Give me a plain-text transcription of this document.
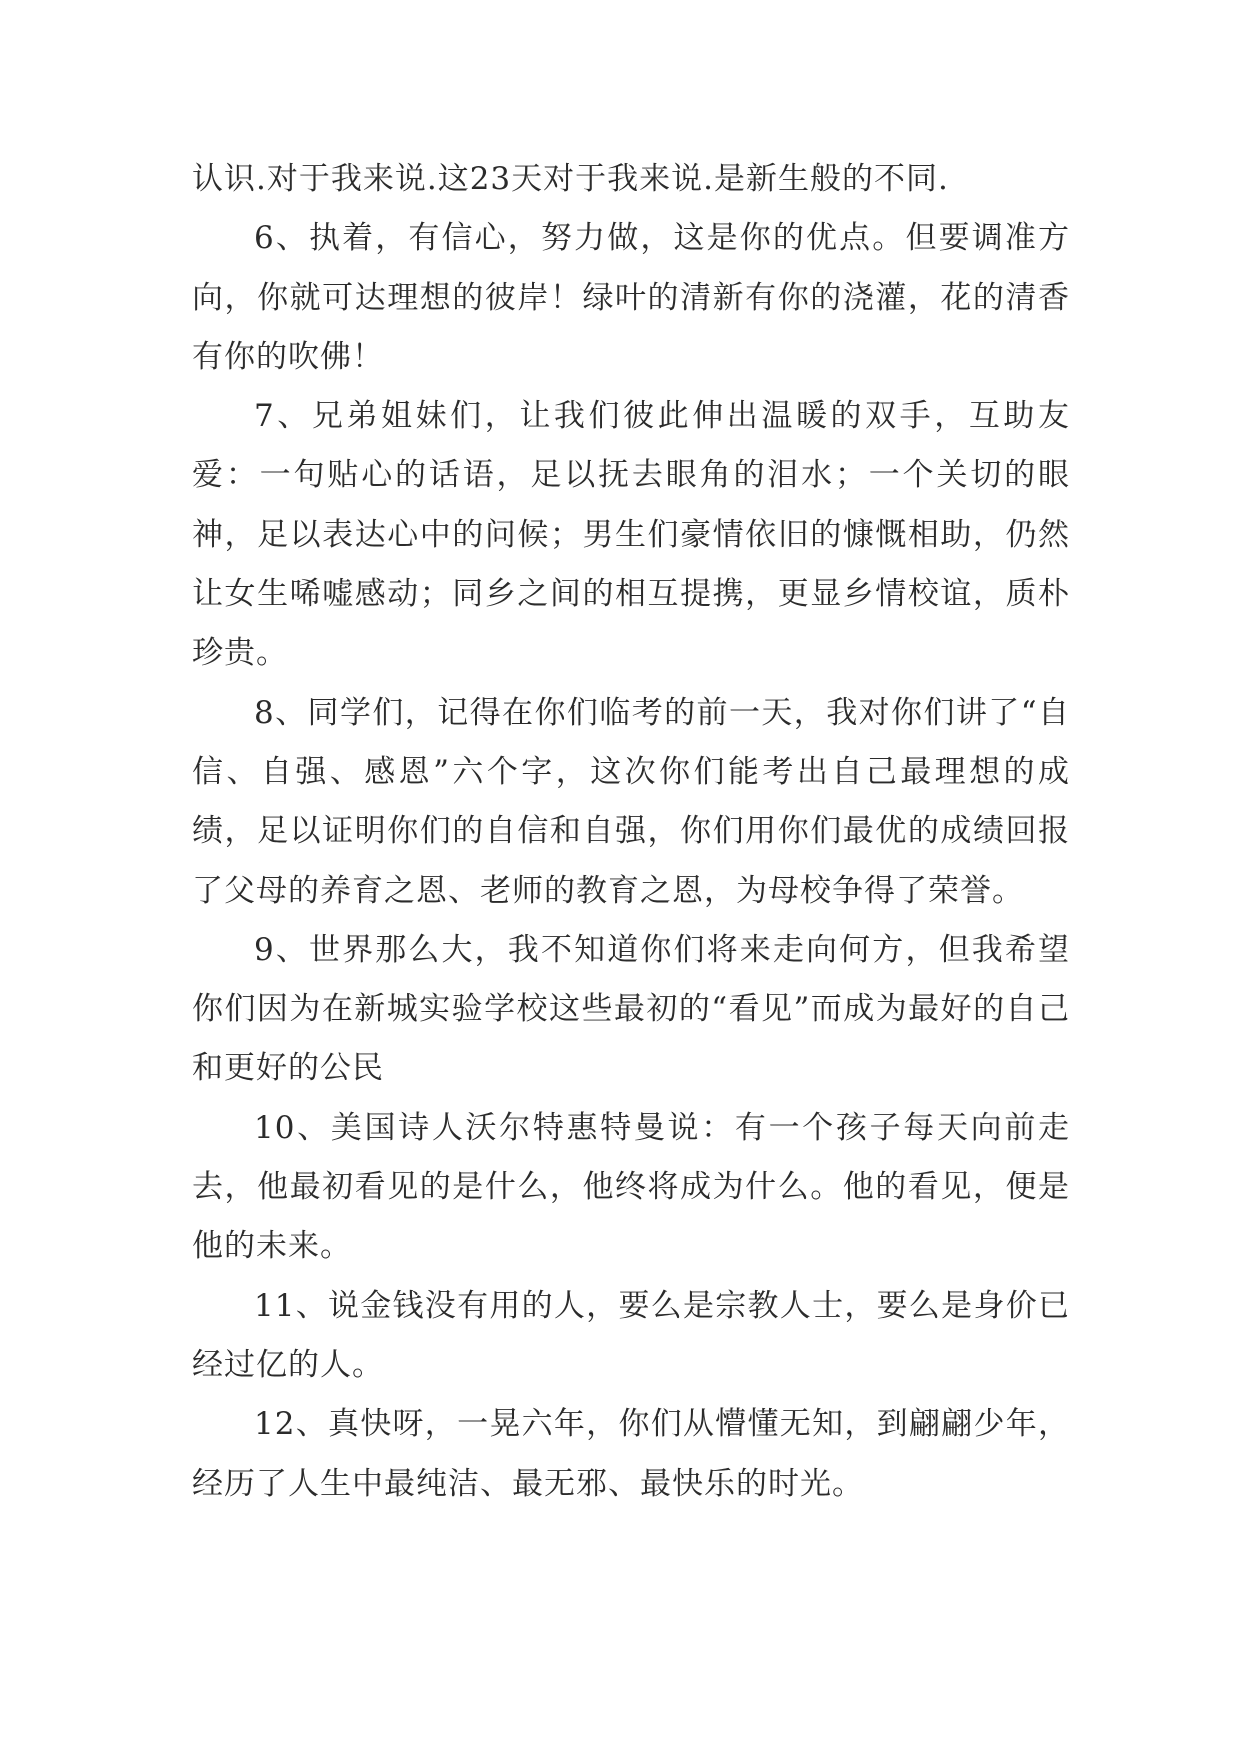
认识.对于我来说.这23天对于我来说.是新生般的不同.

6、执着，有信心，努力做，这是你的优点。但要调准方向，你就可达理想的彼岸！绿叶的清新有你的浇灌，花的清香有你的吹佛！

7、兄弟姐妹们，让我们彼此伸出温暖的双手，互助友爱：一句贴心的话语，足以抚去眼角的泪水；一个关切的眼神，足以表达心中的问候；男生们豪情依旧的慷慨相助，仍然让女生唏嘘感动；同乡之间的相互提携，更显乡情校谊，质朴珍贵。

8、同学们，记得在你们临考的前一天，我对你们讲了“自信、自强、感恩”六个字，这次你们能考出自己最理想的成绩，足以证明你们的自信和自强，你们用你们最优的成绩回报了父母的养育之恩、老师的教育之恩，为母校争得了荣誉。

9、世界那么大，我不知道你们将来走向何方，但我希望你们因为在新城实验学校这些最初的“看见”而成为最好的自己和更好的公民

10、美国诗人沃尔特惠特曼说：有一个孩子每天向前走去，他最初看见的是什么，他终将成为什么。他的看见，便是他的未来。

11、说金钱没有用的人，要么是宗教人士，要么是身价已经过亿的人。

12、真快呀，一晃六年，你们从懵懂无知，到翩翩少年，经历了人生中最纯洁、最无邪、最快乐的时光。
